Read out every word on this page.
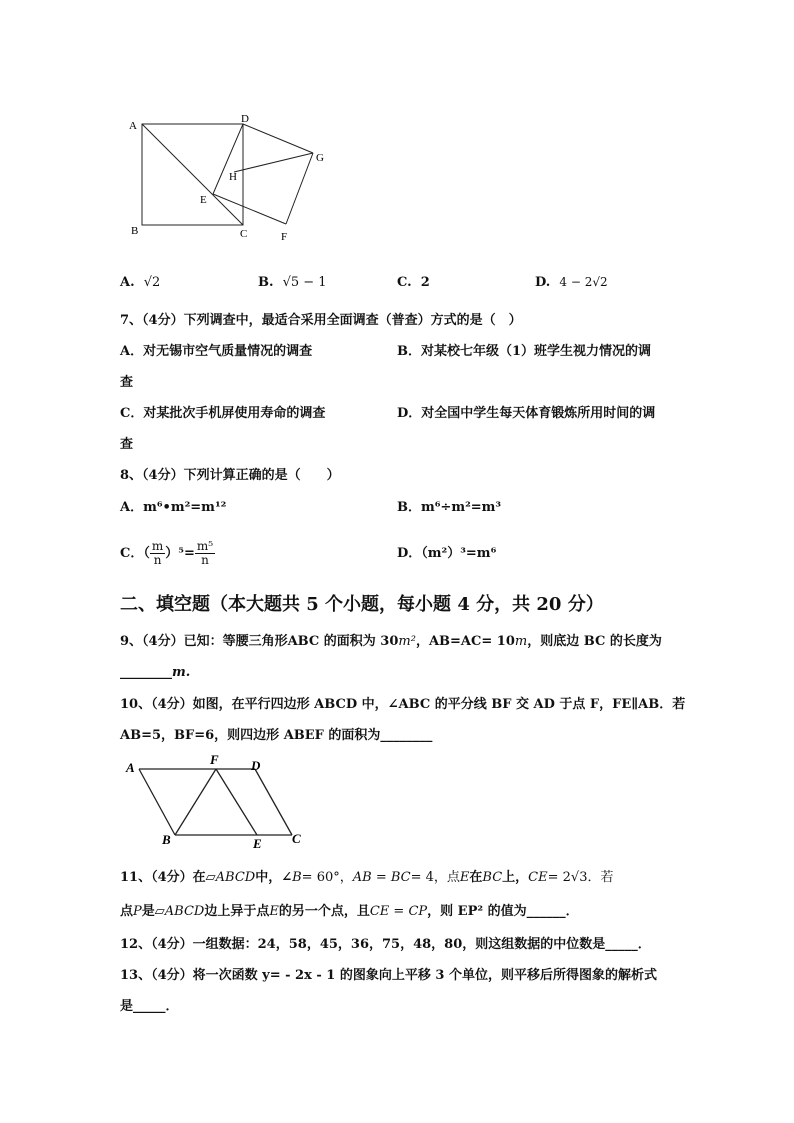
A
D
G
H
E
B	C	F
A. √2	B. √5 − 1	C. 2	D. 4 − 2√2
7、（4分）下列调查中，最适合采用全面调查（普查）方式的是（　）
A．对无锡市空气质量情况的调查	B．对某校七年级（1）班学生视力情况的调
查
C．对某批次手机屏使用寿命的调查	D．对全国中学生每天体育锻炼所用时间的调
查
8、（4分）下列计算正确的是（　　）
A．m⁶•m²=m¹²	B．m⁶÷m²=m³
C．（ $\frac{m}{n} )^5= \frac{\text{m⁵}}{n}$	D．（m²）³=m⁶
二、填空题（本大题共 5 个小题，每小题 4 分，共 20 分）
9、（4分）已知：等腰三角形ABC 的面积为 30m²，AB=AC= 10m，则底边 BC 的长度为
________m.
10、（4分）如图，在平行四边形 ABCD 中，∠ABC 的平分线 BF 交 AD 于点 F，FE∥AB．若
AB=5，BF=6，则四边形 ABEF 的面积为________
A
F D
B	E C
11、（4分）在▱ABCD中，∠B= 60°，AB = BC= 4，点E在BC上，CE= 2√3．若
点P是▱ABCD边上异于点E的另一个点，且CE = CP，则 EP² 的值为______．
12、（4分）一组数据：24，58，45，36，75，48，80，则这组数据的中位数是_____．
13、（4分）将一次函数 y= - 2x - 1 的图象向上平移 3 个单位，则平移后所得图象的解析式
是_____．
